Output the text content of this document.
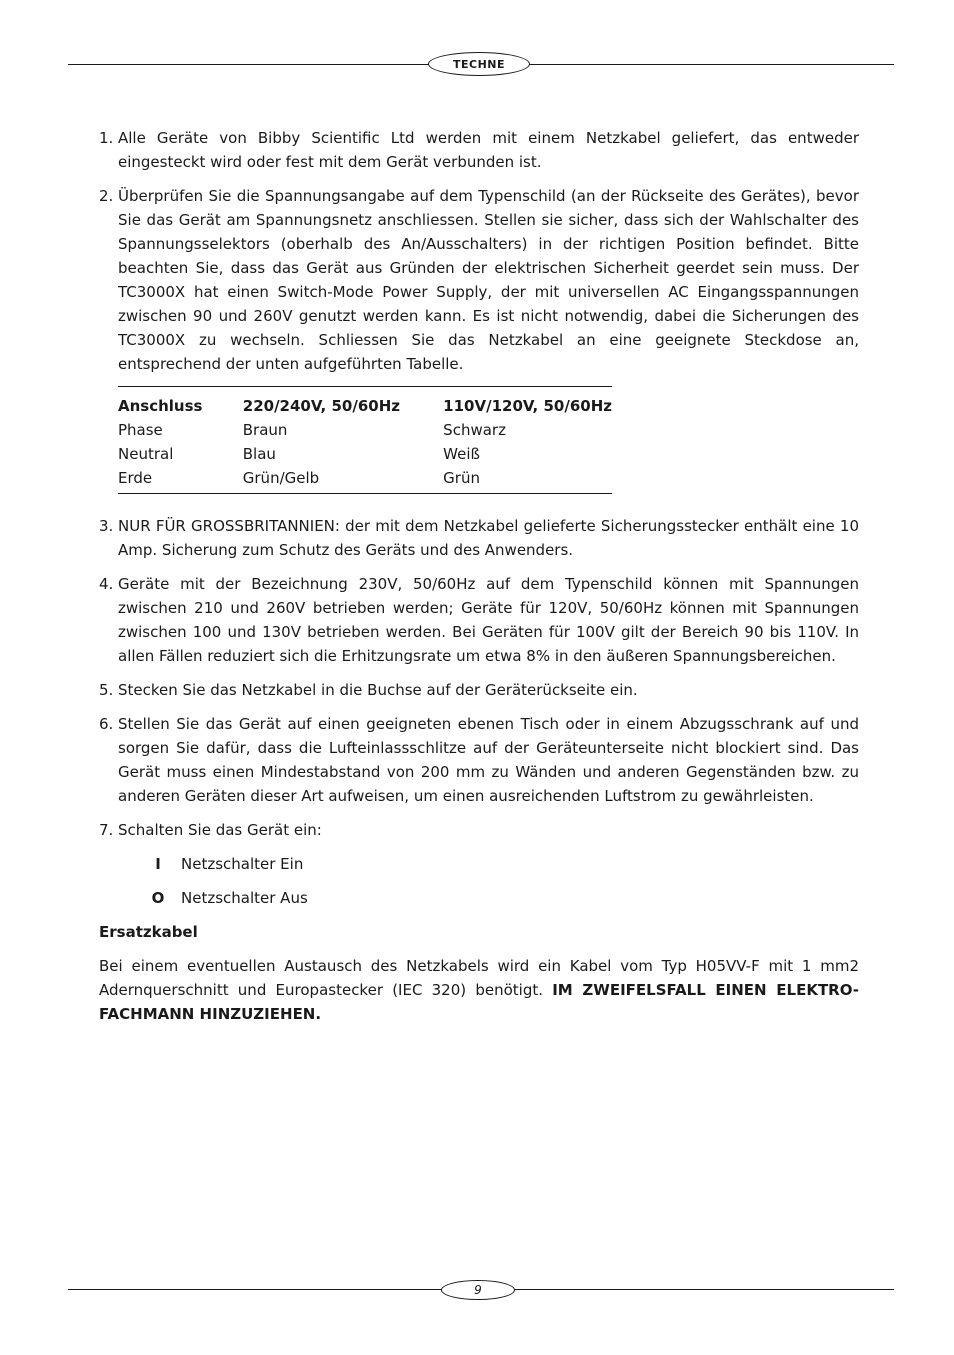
TECHNE
1. Alle Geräte von Bibby Scientific Ltd werden mit einem Netzkabel geliefert, das entweder eingesteckt wird oder fest mit dem Gerät verbunden ist.
2. Überprüfen Sie die Spannungsangabe auf dem Typenschild (an der Rückseite des Gerätes), bevor Sie das Gerät am Spannungsnetz anschliessen. Stellen sie sicher, dass sich der Wahlschalter des Spannungsselektors (oberhalb des An/Ausschalters) in der richtigen Position befindet. Bitte beachten Sie, dass das Gerät aus Gründen der elektrischen Sicherheit geerdet sein muss. Der TC3000X hat einen Switch-Mode Power Supply, der mit universellen AC Eingangsspannungen zwischen 90 und 260V genutzt werden kann. Es ist nicht notwendig, dabei die Sicherungen des TC3000X zu wechseln. Schliessen Sie das Netzkabel an eine geeignete Steckdose an, entsprechend der unten aufgeführten Tabelle.
Anschluss	220/240V, 50/60Hz	110V/120V, 50/60Hz
Phase	Braun	Schwarz
Neutral	Blau	Weiß
Erde	Grün/Gelb	Grün
3. NUR FÜR GROSSBRITANNIEN: der mit dem Netzkabel gelieferte Sicherungsstecker enthält eine 10 Amp. Sicherung zum Schutz des Geräts und des Anwenders.
4. Geräte mit der Bezeichnung 230V, 50/60Hz auf dem Typenschild können mit Spannungen zwischen 210 und 260V betrieben werden; Geräte für 120V, 50/60Hz können mit Spannungen zwischen 100 und 130V betrieben werden. Bei Geräten für 100V gilt der Bereich 90 bis 110V. In allen Fällen reduziert sich die Erhitzungsrate um etwa 8% in den äußeren Spannungsbereichen.
5. Stecken Sie das Netzkabel in die Buchse auf der Geräterückseite ein.
6. Stellen Sie das Gerät auf einen geeigneten ebenen Tisch oder in einem Abzugsschrank auf und sorgen Sie dafür, dass die Lufteinlassschlitze auf der Geräteunterseite nicht blockiert sind. Das Gerät muss einen Mindestabstand von 200 mm zu Wänden und anderen Gegenständen bzw. zu anderen Geräten dieser Art aufweisen, um einen ausreichenden Luftstrom zu gewährleisten.
7. Schalten Sie das Gerät ein:
I Netzschalter Ein
O Netzschalter Aus
Ersatzkabel
Bei einem eventuellen Austausch des Netzkabels wird ein Kabel vom Typ H05VV-F mit 1 mm2 Adernquerschnitt und Europastecker (IEC 320) benötigt. IM ZWEIFELSFALL EINEN ELEKTRO-FACHMANN HINZUZIEHEN.
9
